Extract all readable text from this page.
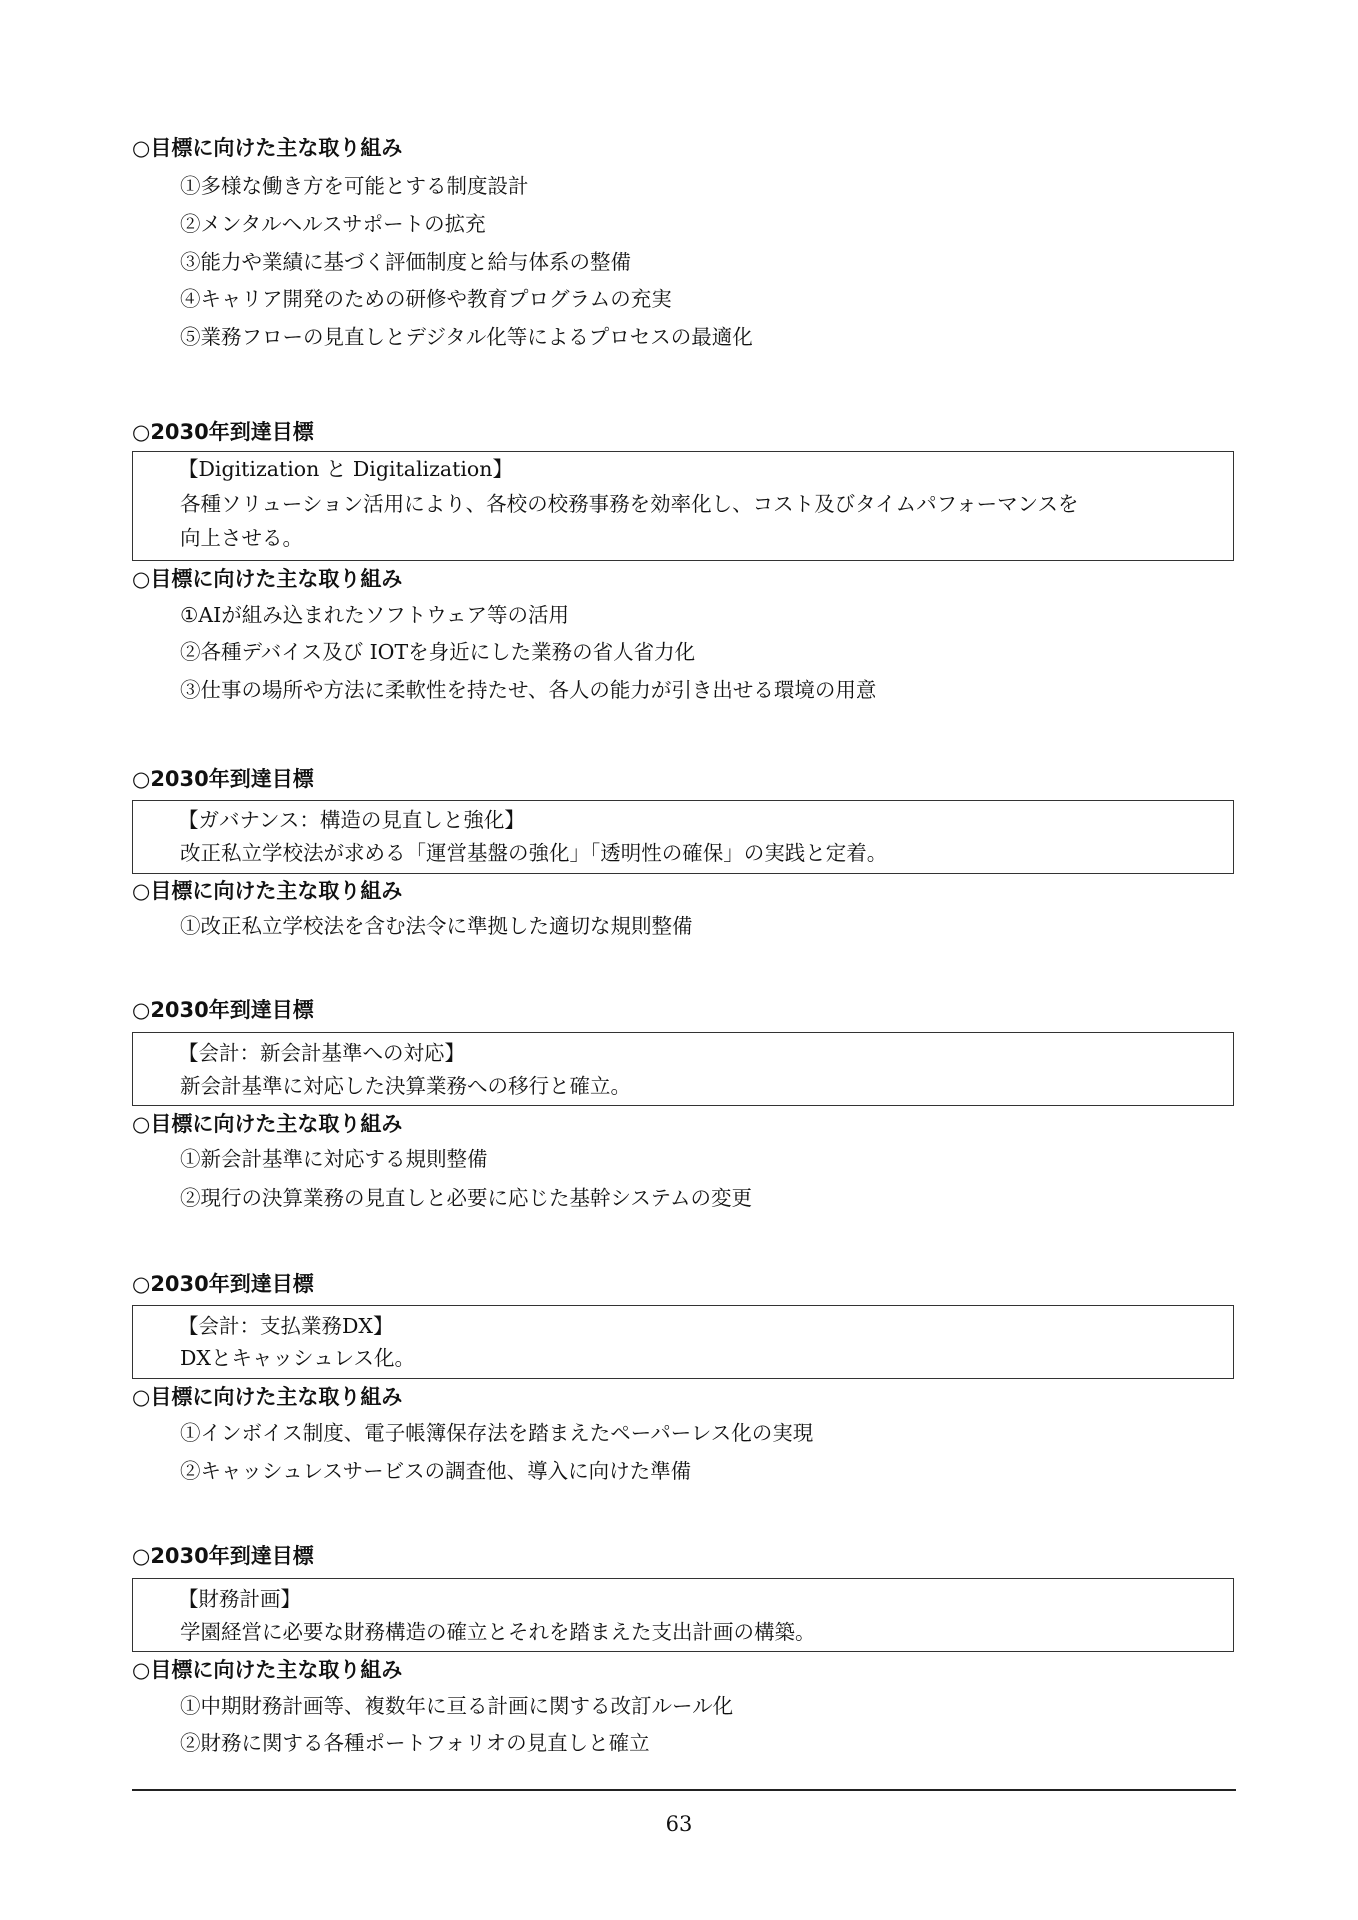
○目標に向けた主な取り組み
①多様な働き方を可能とする制度設計
②メンタルヘルスサポートの拡充
③能力や業績に基づく評価制度と給与体系の整備
④キャリア開発のための研修や教育プログラムの充実
⑤業務フローの見直しとデジタル化等によるプロセスの最適化
○2030年到達目標
【Digitization と Digitalization】
各種ソリューション活用により、各校の校務事務を効率化し、コスト及びタイムパフォーマンスを
向上させる。
○目標に向けた主な取り組み
①AIが組み込まれたソフトウェア等の活用
②各種デバイス及び IOTを身近にした業務の省人省力化
③仕事の場所や方法に柔軟性を持たせ、各人の能力が引き出せる環境の用意
○2030年到達目標
【ガバナンス：構造の見直しと強化】
改正私立学校法が求める「運営基盤の強化」「透明性の確保」の実践と定着。
○目標に向けた主な取り組み
①改正私立学校法を含む法令に準拠した適切な規則整備
○2030年到達目標
【会計：新会計基準への対応】
新会計基準に対応した決算業務への移行と確立。
○目標に向けた主な取り組み
①新会計基準に対応する規則整備
②現行の決算業務の見直しと必要に応じた基幹システムの変更
○2030年到達目標
【会計：支払業務DX】
DXとキャッシュレス化。
○目標に向けた主な取り組み
①インボイス制度、電子帳簿保存法を踏まえたペーパーレス化の実現
②キャッシュレスサービスの調査他、導入に向けた準備
○2030年到達目標
【財務計画】
学園経営に必要な財務構造の確立とそれを踏まえた支出計画の構築。
○目標に向けた主な取り組み
①中期財務計画等、複数年に亘る計画に関する改訂ルール化
②財務に関する各種ポートフォリオの見直しと確立
63
